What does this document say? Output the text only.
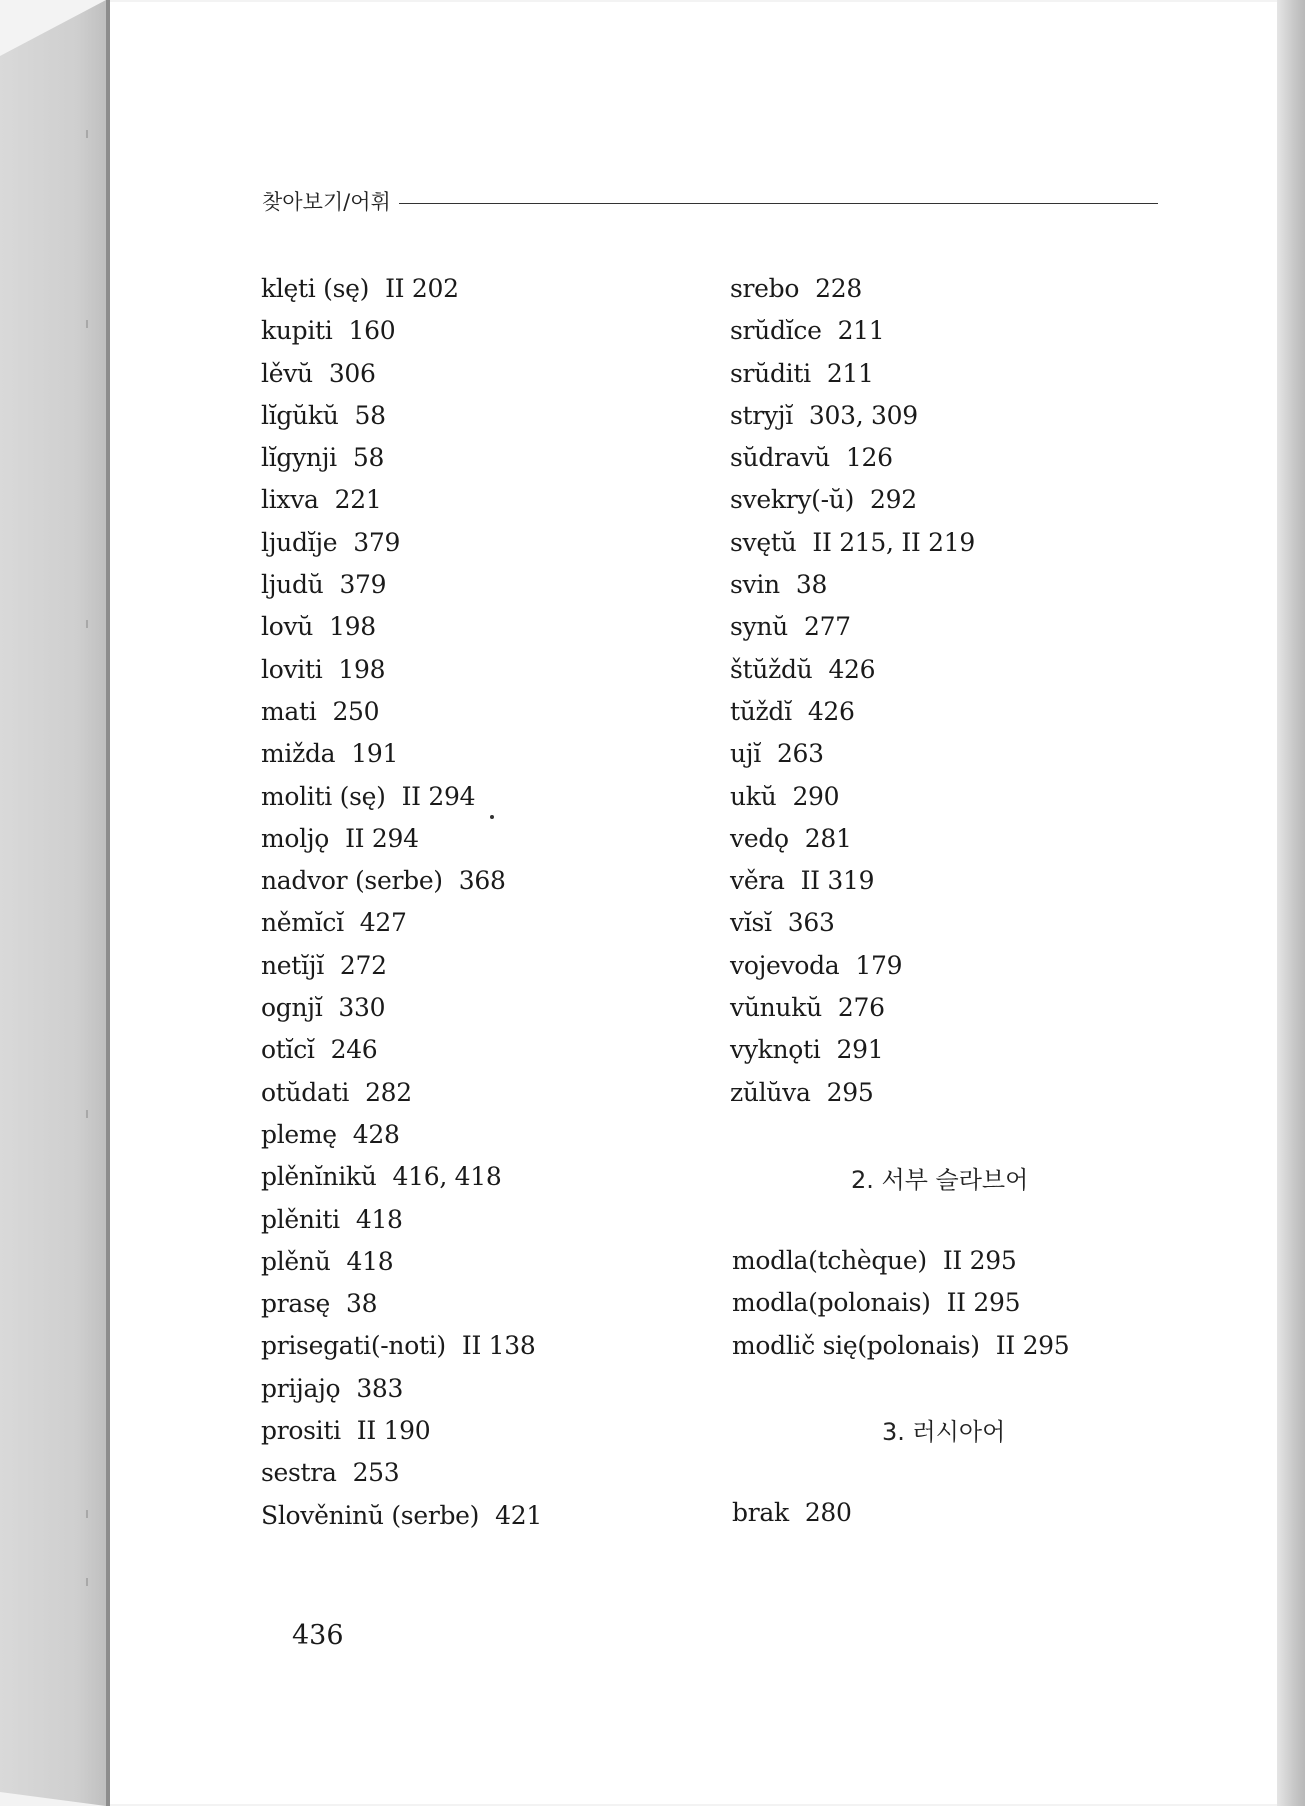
찾아보기/어휘
klęti (sę) II 202
kupiti 160
lěvŭ 306
lĭgŭkŭ 58
lĭgynji 58
lixva 221
ljudĭje 379
ljudŭ 379
lovŭ 198
loviti 198
mati 250
mižda 191
moliti (sę) II 294
moljǫ II 294
nadvor (serbe) 368
němĭcĭ 427
netĭjĭ 272
ognjĭ 330
otĭcĭ 246
otŭdati 282
plemę 428
plěnĭnikŭ 416, 418
plěniti 418
plěnŭ 418
prasę 38
prisegati(-noti) II 138
prijajǫ 383
prositi II 190
sestra 253
Slověninŭ (serbe) 421
srebo 228
srŭdĭce 211
srŭditi 211
stryjĭ 303, 309
sŭdravŭ 126
svekry(-ŭ) 292
svętŭ II 215, II 219
svin 38
synŭ 277
štŭždŭ 426
tŭždĭ 426
ujĭ 263
ukŭ 290
vedǫ 281
věra II 319
vĭsĭ 363
vojevoda 179
vŭnukŭ 276
vyknǫti 291
zŭlŭva 295
2. 서부 슬라브어
modla(tchèque) II 295
modla(polonais) II 295
modlič się(polonais) II 295
3. 러시아어
brak 280
436
